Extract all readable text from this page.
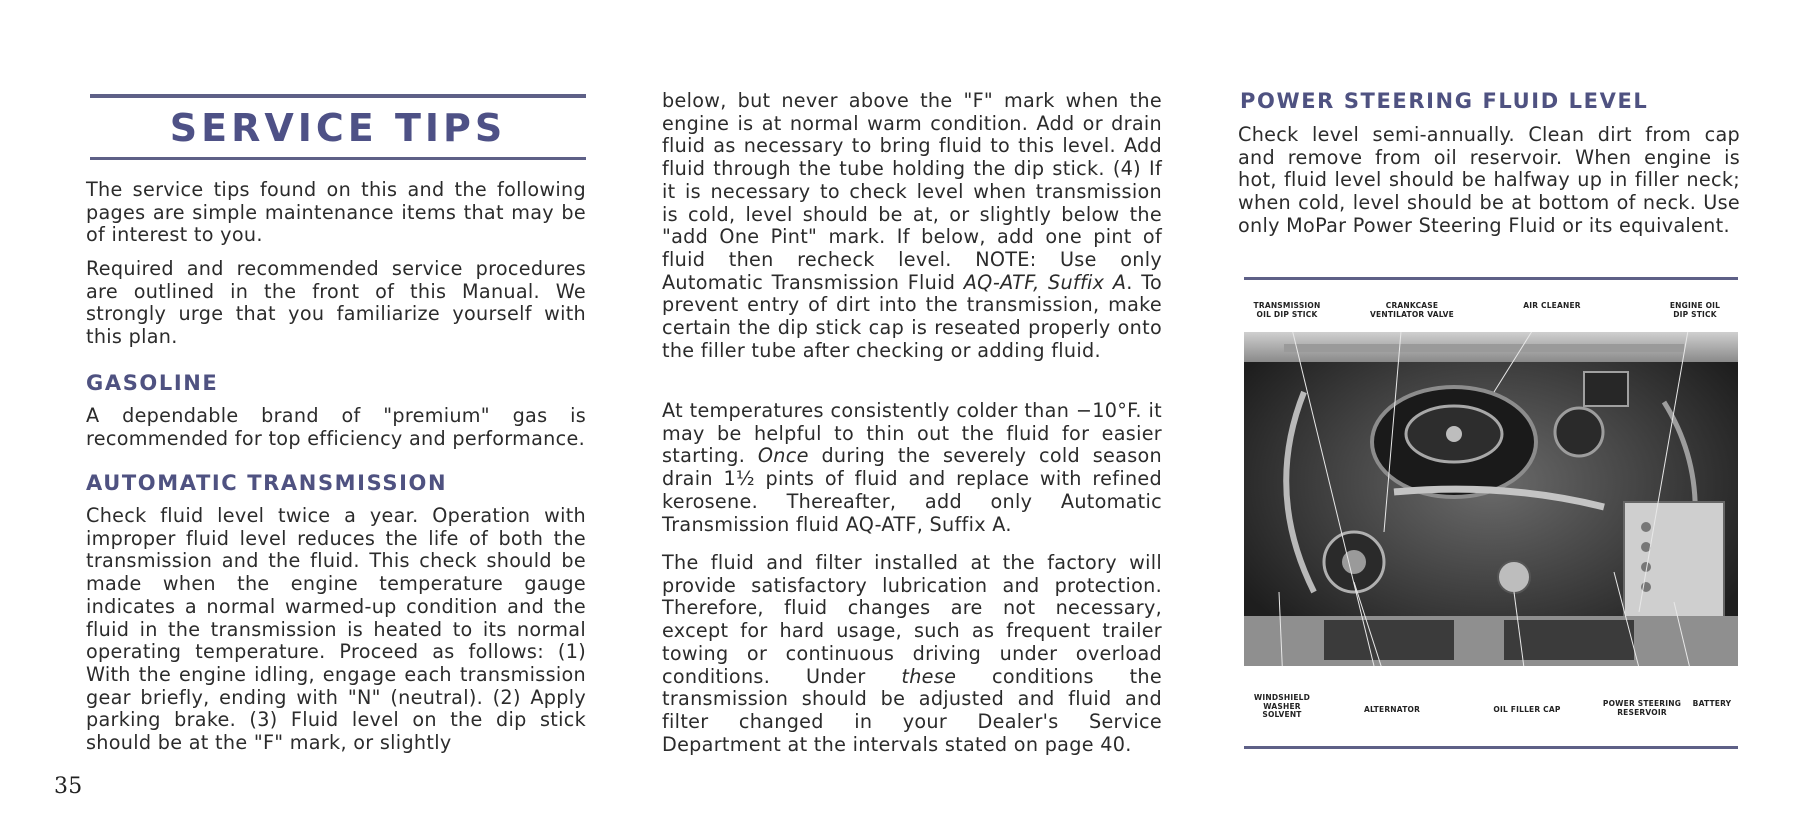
SERVICE TIPS

The service tips found on this and the following pages are simple maintenance items that may be of interest to you.

Required and recommended service procedures are outlined in the front of this Manual. We strongly urge that you familiarize yourself with this plan.

GASOLINE

A dependable brand of "premium" gas is recommended for top efficiency and performance.

AUTOMATIC TRANSMISSION

Check fluid level twice a year. Operation with improper fluid level reduces the life of both the transmission and the fluid. This check should be made when the engine temperature gauge indicates a normal warmed-up condition and the fluid in the transmission is heated to its normal operating temperature. Proceed as follows: (1) With the engine idling, engage each transmission gear briefly, ending with "N" (neutral). (2) Apply parking brake. (3) Fluid level on the dip stick should be at the "F" mark, or slightly

below, but never above the "F" mark when the engine is at normal warm condition. Add or drain fluid as necessary to bring fluid to this level. Add fluid through the tube holding the dip stick. (4) If it is necessary to check level when transmission is cold, level should be at, or slightly below the "add One Pint" mark. If below, add one pint of fluid then recheck level. NOTE: Use only Automatic Transmission Fluid AQ-ATF, Suffix A. To prevent entry of dirt into the transmission, make certain the dip stick cap is reseated properly onto the filler tube after checking or adding fluid.

At temperatures consistently colder than −10°F. it may be helpful to thin out the fluid for easier starting. Once during the severely cold season drain 1½ pints of fluid and replace with refined kerosene. Thereafter, add only Automatic Transmission fluid AQ-ATF, Suffix A.

The fluid and filter installed at the factory will provide satisfactory lubrication and protection. Therefore, fluid changes are not necessary, except for hard usage, such as frequent trailer towing or continuous driving under overload conditions. Under these conditions the transmission should be adjusted and fluid and filter changed in your Dealer's Service Department at the intervals stated on page 40.

POWER STEERING FLUID LEVEL

Check level semi-annually. Clean dirt from cap and remove from oil reservoir. When engine is hot, fluid level should be halfway up in filler neck; when cold, level should be at bottom of neck. Use only MoPar Power Steering Fluid or its equivalent.

TRANSMISSION
OIL DIP STICK
CRANKCASE
VENTILATOR VALVE
AIR CLEANER	ENGINE OIL
DIP STICK
WINDSHIELD
WASHER
SOLVENT
ALTERNATOR	OIL FILLER CAP
POWER STEERING
RESERVOIR
BATTERY

35
